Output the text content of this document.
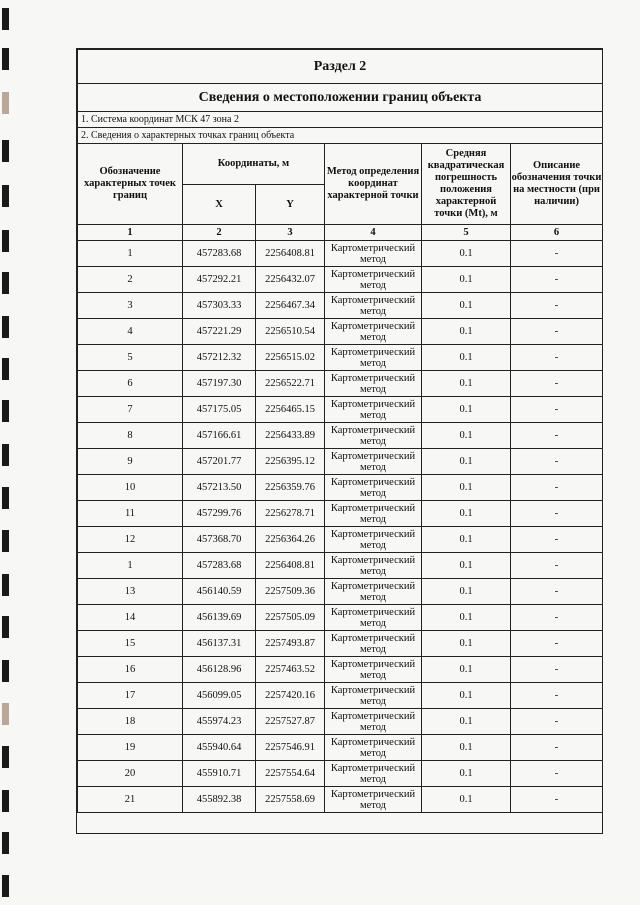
Раздел 2					
Сведения о местоположении границ объекта					
1. Система координат МСК 47 зона 2					
2. Сведения о характерных точках границ объекта					
Обозначение характерных точек границ	Координаты, м		Метод определения координат характерной точки	Средняя квадратическая погрешность положения характерной точки (Mt), м	Описание обозначения точки на местности (при наличии)
	X	Y			
1	2	3	4	5	6
1	457283.68	2256408.81	Картометрический метод	0.1	-
2	457292.21	2256432.07	Картометрический метод	0.1	-
3	457303.33	2256467.34	Картометрический метод	0.1	-
4	457221.29	2256510.54	Картометрический метод	0.1	-
5	457212.32	2256515.02	Картометрический метод	0.1	-
6	457197.30	2256522.71	Картометрический метод	0.1	-
7	457175.05	2256465.15	Картометрический метод	0.1	-
8	457166.61	2256433.89	Картометрический метод	0.1	-
9	457201.77	2256395.12	Картометрический метод	0.1	-
10	457213.50	2256359.76	Картометрический метод	0.1	-
11	457299.76	2256278.71	Картометрический метод	0.1	-
12	457368.70	2256364.26	Картометрический метод	0.1	-
1	457283.68	2256408.81	Картометрический метод	0.1	-
13	456140.59	2257509.36	Картометрический метод	0.1	-
14	456139.69	2257505.09	Картометрический метод	0.1	-
15	456137.31	2257493.87	Картометрический метод	0.1	-
16	456128.96	2257463.52	Картометрический метод	0.1	-
17	456099.05	2257420.16	Картометрический метод	0.1	-
18	455974.23	2257527.87	Картометрический метод	0.1	-
19	455940.64	2257546.91	Картометрический метод	0.1	-
20	455910.71	2257554.64	Картометрический метод	0.1	-
21	455892.38	2257558.69	Картометрический метод	0.1	-
